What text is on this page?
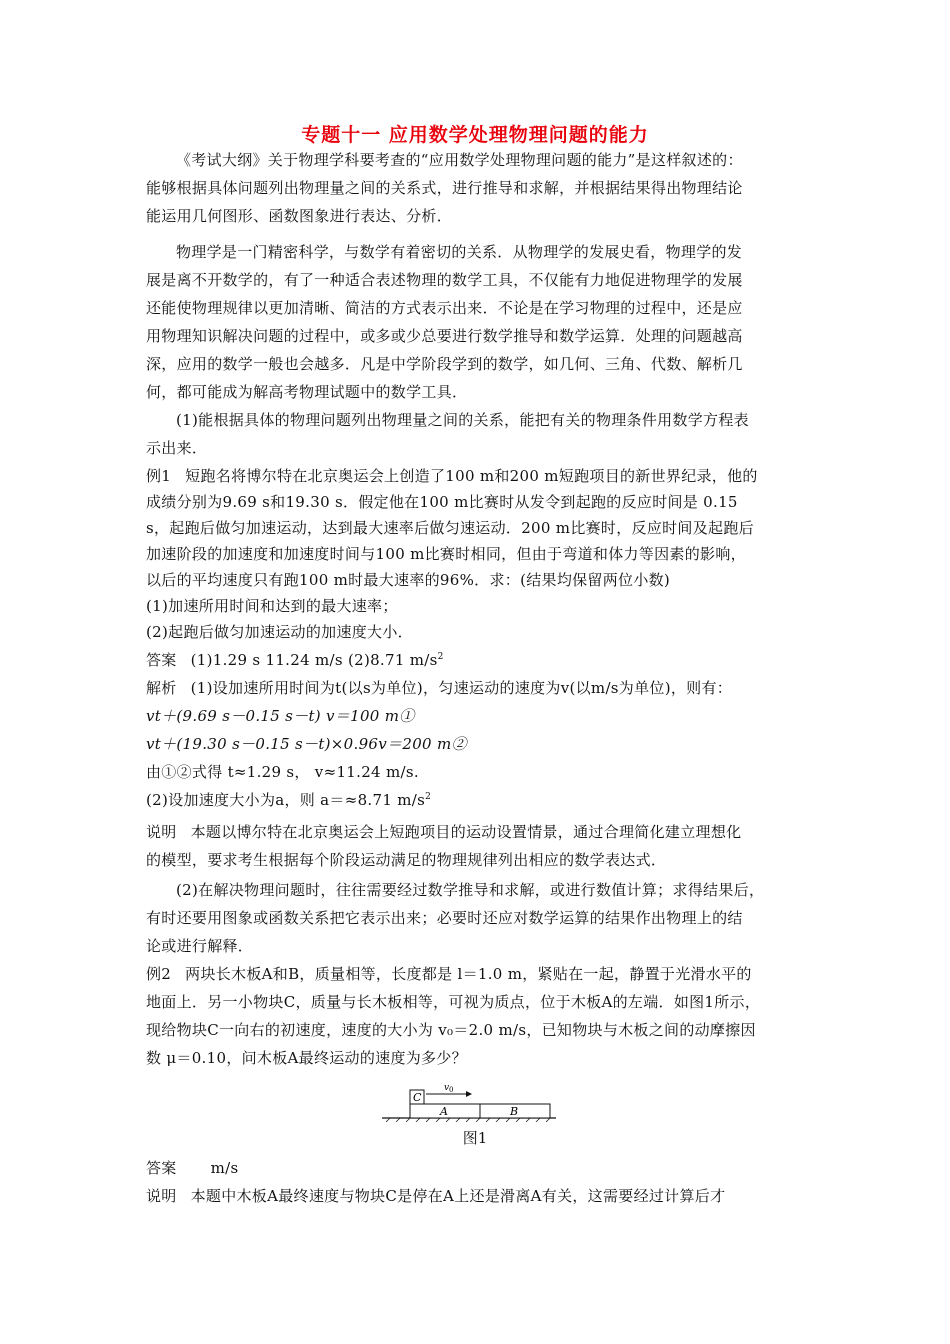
专题十一 应用数学处理物理问题的能力
《考试大纲》关于物理学科要考查的“应用数学处理物理问题的能力”是这样叙述的：
能够根据具体问题列出物理量之间的关系式，进行推导和求解，并根据结果得出物理结论
能运用几何图形、函数图象进行表达、分析．
物理学是一门精密科学，与数学有着密切的关系．从物理学的发展史看，物理学的发
展是离不开数学的，有了一种适合表述物理的数学工具，不仅能有力地促进物理学的发展
还能使物理规律以更加清晰、简洁的方式表示出来．不论是在学习物理的过程中，还是应
用物理知识解决问题的过程中，或多或少总要进行数学推导和数学运算．处理的问题越高
深，应用的数学一般也会越多．凡是中学阶段学到的数学，如几何、三角、代数、解析几
何，都可能成为解高考物理试题中的数学工具．
(1)能根据具体的物理问题列出物理量之间的关系，能把有关的物理条件用数学方程表
示出来．
例1 短跑名将博尔特在北京奥运会上创造了100 m和200 m短跑项目的新世界纪录，他的
成绩分别为9.69 s和19.30 s．假定他在100 m比赛时从发令到起跑的反应时间是 0.15
s，起跑后做匀加速运动，达到最大速率后做匀速运动．200 m比赛时，反应时间及起跑后
加速阶段的加速度和加速度时间与100 m比赛时相同，但由于弯道和体力等因素的影响，
以后的平均速度只有跑100 m时最大速率的96%．求：(结果均保留两位小数)
(1)加速所用时间和达到的最大速率；
(2)起跑后做匀加速运动的加速度大小．
答案 (1)1.29 s 11.24 m/s (2)8.71 $m/s^2$
解析 (1)设加速所用时间为t(以s为单位)，匀速运动的速度为v(以m/s为单位)，则有：
vt＋(9.69 s－0.15 s－t) v＝100 m①
vt＋(19.30 s－0.15 s－t)×0.96v＝200 m②
由①②式得 t≈1.29 s， v≈11.24 m/s.
(2)设加速度大小为a，则 a＝≈8.71 $m/s^2$
说明 本题以博尔特在北京奥运会上短跑项目的运动设置情景，通过合理简化建立理想化
的模型，要求考生根据每个阶段运动满足的物理规律列出相应的数学表达式．
(2)在解决物理问题时，往往需要经过数学推导和求解，或进行数值计算；求得结果后，
有时还要用图象或函数关系把它表示出来；必要时还应对数学运算的结果作出物理上的结
论或进行解释．
例2 两块长木板A和B，质量相等，长度都是 l＝1.0 m，紧贴在一起，静置于光滑水平的
地面上．另一小物块C，质量与长木板相等，可视为质点，位于木板A的左端．如图1所示，
现给物块C一向右的初速度，速度的大小为 v₀＝2.0 m/s，已知物块与木板之间的动摩擦因
数 μ＝0.10，问木板A最终运动的速度为多少？
C
A	B
v 0
图1
答案 m/s
说明 本题中木板A最终速度与物块C是停在A上还是滑离A有关，这需要经过计算后才
